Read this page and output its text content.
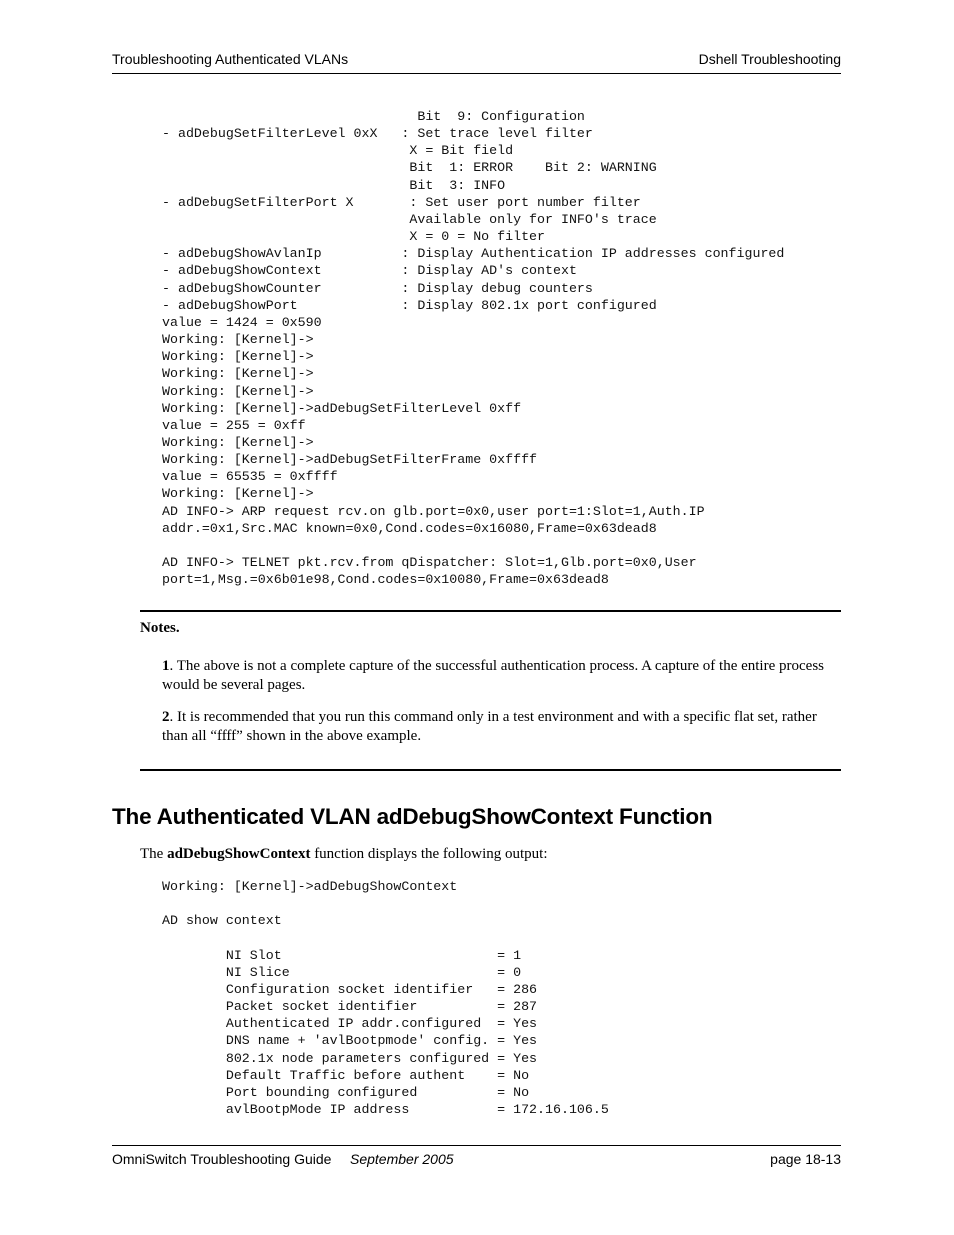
Troubleshooting Authenticated VLANs	Dshell Troubleshooting
Bit  9: Configuration
- adDebugSetFilterLevel 0xX   : Set trace level filter
X = Bit field
Bit  1: ERROR    Bit 2: WARNING
Bit  3: INFO
- adDebugSetFilterPort X       : Set user port number filter
Available only for INFO's trace
X = 0 = No filter
- adDebugShowAvlanIp          : Display Authentication IP addresses configured
- adDebugShowContext          : Display AD's context
- adDebugShowCounter          : Display debug counters
- adDebugShowPort             : Display 802.1x port configured
value = 1424 = 0x590
Working: [Kernel]->
Working: [Kernel]->
Working: [Kernel]->
Working: [Kernel]->
Working: [Kernel]->adDebugSetFilterLevel 0xff
value = 255 = 0xff
Working: [Kernel]->
Working: [Kernel]->adDebugSetFilterFrame 0xffff
value = 65535 = 0xffff
Working: [Kernel]->
AD INFO-> ARP request rcv.on glb.port=0x0,user port=1:Slot=1,Auth.IP
addr.=0x1,Src.MAC known=0x0,Cond.codes=0x16080,Frame=0x63dead8

AD INFO-> TELNET pkt.rcv.from qDispatcher: Slot=1,Glb.port=0x0,User
port=1,Msg.=0x6b01e98,Cond.codes=0x10080,Frame=0x63dead8
Notes.
1. The above is not a complete capture of the successful authentication process. A capture of the entire process would be several pages.
2. It is recommended that you run this command only in a test environment and with a specific flat set, rather than all “ffff” shown in the above example.
The Authenticated VLAN adDebugShowContext Function
The adDebugShowContext function displays the following output:
Working: [Kernel]->adDebugShowContext

AD show context

NI Slot                           = 1
NI Slice                          = 0
Configuration socket identifier   = 286
Packet socket identifier          = 287
Authenticated IP addr.configured  = Yes
DNS name + 'avlBootpmode' config. = Yes
802.1x node parameters configured = Yes
Default Traffic before authent    = No
Port bounding configured          = No
avlBootpMode IP address           = 172.16.106.5
OmniSwitch Troubleshooting Guide September 2005	page 18-13
